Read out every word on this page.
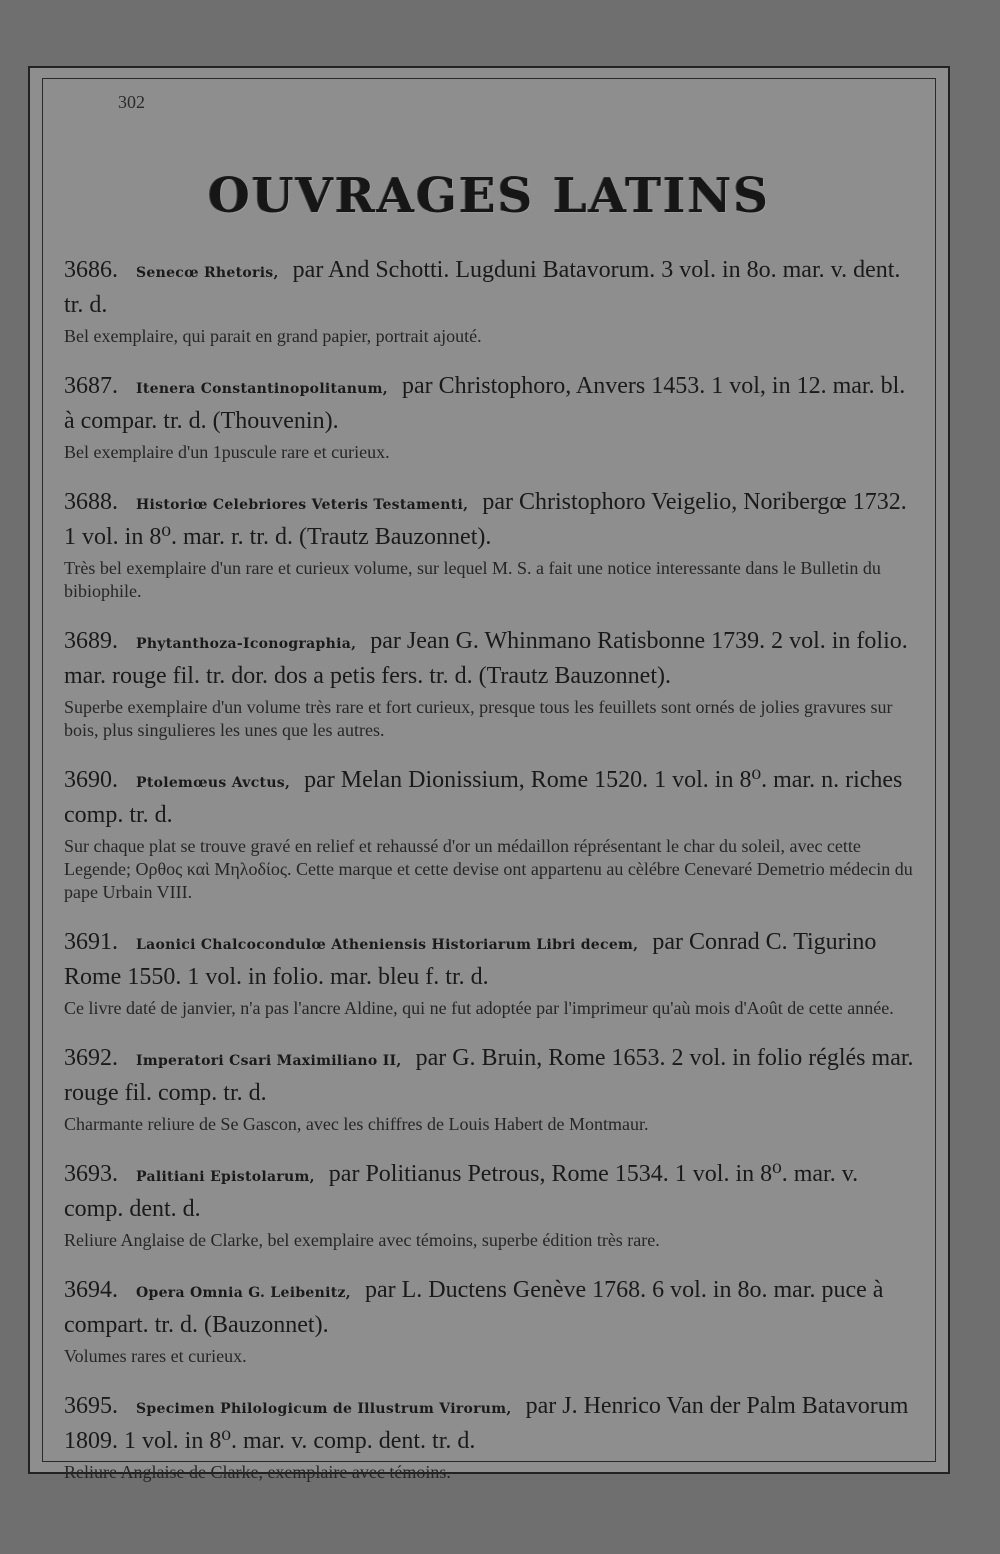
302
OUVRAGES LATINS

3686. Senecœ Rhetoris, par And Schotti. Lugduni Batavorum. 3 vol. in 8o. mar. v. dent. tr. d.

Bel exemplaire, qui parait en grand papier, portrait ajouté.

3687. Itenera Constantinopolitanum, par Christophoro, Anvers 1453. 1 vol, in 12. mar. bl. à compar. tr. d. (Thouvenin).

Bel exemplaire d'un 1puscule rare et curieux.

3688. Historiœ Celebriores Veteris Testamenti, par Christophoro Veigelio, Noribergœ 1732. 1 vol. in 8⁰. mar. r. tr. d. (Trautz Bauzonnet).

Très bel exemplaire d'un rare et curieux volume, sur lequel M. S. a fait une notice interessante dans le Bulletin du bibiophile.

3689. Phytanthoza-Iconographia, par Jean G. Whinmano Ratisbonne 1739. 2 vol. in folio. mar. rouge fil. tr. dor. dos a petis fers. tr. d. (Trautz Bauzonnet).

Superbe exemplaire d'un volume très rare et fort curieux, presque tous les feuillets sont ornés de jolies gravures sur bois, plus singulieres les unes que les autres.

3690. Ptolemœus Avctus, par Melan Dionissium, Rome 1520. 1 vol. in 8⁰. mar. n. riches comp. tr. d.

Sur chaque plat se trouve gravé en relief et rehaussé d'or un médaillon réprésentant le char du soleil, avec cette Legende; Ορθος καὶ Μηλοδίος. Cette marque et cette devise ont appartenu au cèlébre Cenevaré Demetrio médecin du pape Urbain VIII.

3691. Laonici Chalcocondulœ Atheniensis Historiarum Libri decem, par Conrad C. Tigurino Rome 1550. 1 vol. in folio. mar. bleu f. tr. d.

Ce livre daté de janvier, n'a pas l'ancre Aldine, qui ne fut adoptée par l'imprimeur qu'aù mois d'Août de cette année.

3692. Imperatori Csari Maximiliano II, par G. Bruin, Rome 1653. 2 vol. in folio réglés mar. rouge fil. comp. tr. d.

Charmante reliure de Se Gascon, avec les chiffres de Louis Habert de Montmaur.

3693. Palitiani Epistolarum, par Politianus Petrous, Rome 1534. 1 vol. in 8⁰. mar. v. comp. dent. d.

Reliure Anglaise de Clarke, bel exemplaire avec témoins, superbe édition très rare.

3694. Opera Omnia G. Leibenitz, par L. Ductens Genève 1768. 6 vol. in 8o. mar. puce à compart. tr. d. (Bauzonnet).

Volumes rares et curieux.

3695. Specimen Philologicum de Illustrum Virorum, par J. Henrico Van der Palm Batavorum 1809. 1 vol. in 8⁰. mar. v. comp. dent. tr. d.

Reliure Anglaise de Clarke, exemplaire avec témoins.
